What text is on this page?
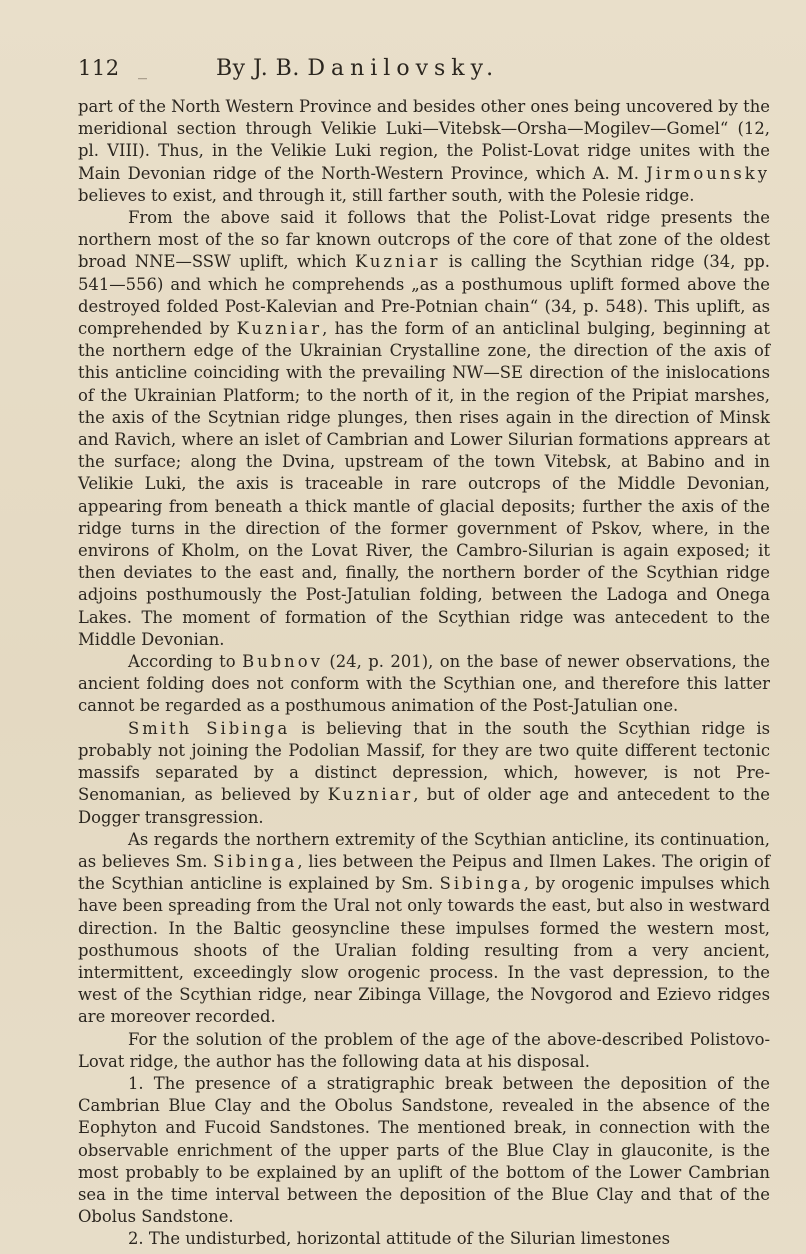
112	_	By J. B. Danilovsky.

part of the North Western Province and besides other ones being uncovered by the meridional section through Velikie Luki—Vitebsk—Orsha—Mogilev—Gomel“ (12, pl. VIII). Thus, in the Velikie Luki region, the Polist-Lovat ridge unites with the Main Devonian ridge of the North-Western Province, which A. M. Jirmounsky believes to exist, and through it, still farther south, with the Polesie ridge.

From the above said it follows that the Polist-Lovat ridge presents the northern most of the so far known outcrops of the core of that zone of the oldest broad NNE—SSW uplift, which Kuzniar is calling the Scythian ridge (34, pp. 541—556) and which he comprehends „as a posthumous uplift formed above the destroyed folded Post-Kalevian and Pre-Potnian chain“ (34, p. 548). This uplift, as comprehended by Kuzniar, has the form of an anticlinal bulging, beginning at the northern edge of the Ukrainian Crystalline zone, the direction of the axis of this anticline coinciding with the prevailing NW—SE direction of the inislocations of the Ukrainian Platform; to the north of it, in the region of the Pripiat marshes, the axis of the Scytnian ridge plunges, then rises again in the direction of Minsk and Ravich, where an islet of Cambrian and Lower Silurian formations apprears at the surface; along the Dvina, upstream of the town Vitebsk, at Babino and in Velikie Luki, the axis is traceable in rare outcrops of the Middle Devonian, appearing from beneath a thick mantle of glacial deposits; further the axis of the ridge turns in the direction of the former government of Pskov, where, in the environs of Kholm, on the Lovat River, the Cambro-Silurian is again exposed; it then deviates to the east and, finally, the northern border of the Scythian ridge adjoins posthumously the Post-Jatulian folding, between the Ladoga and Onega Lakes. The moment of formation of the Scythian ridge was antecedent to the Middle Devonian.

According to Bubnov (24, p. 201), on the base of newer observations, the ancient folding does not conform with the Scythian one, and therefore this latter cannot be regarded as a posthumous animation of the Post-Jatulian one.

Smith Sibinga is believing that in the south the Scythian ridge is probably not joining the Podolian Massif, for they are two quite different tectonic massifs separated by a distinct depression, which, however, is not Pre-Senomanian, as believed by Kuzniar, but of older age and antecedent to the Dogger transgression.

As regards the northern extremity of the Scythian anticline, its continuation, as believes Sm. Sibinga, lies between the Peipus and Ilmen Lakes. The origin of the Scythian anticline is explained by Sm. Sibinga, by orogenic impulses which have been spreading from the Ural not only towards the east, but also in westward direction. In the Baltic geosyncline these impulses formed the western most, posthumous shoots of the Uralian folding resulting from a very ancient, intermittent, exceedingly slow orogenic process. In the vast depression, to the west of the Scythian ridge, near Zibinga Village, the Novgorod and Ezievo ridges are moreover recorded.

For the solution of the problem of the age of the above-described Polistovo-Lovat ridge, the author has the following data at his disposal.

1. The presence of a stratigraphic break between the deposition of the Cambrian Blue Clay and the Obolus Sandstone, revealed in the absence of the Eophyton and Fucoid Sandstones. The mentioned break, in connection with the observable enrichment of the upper parts of the Blue Clay in glauconite, is the most probably to be explained by an uplift of the bottom of the Lower Cambrian sea in the time interval between the deposition of the Blue Clay and that of the Obolus Sandstone.

2. The undisturbed, horizontal attitude of the Silurian limestones
